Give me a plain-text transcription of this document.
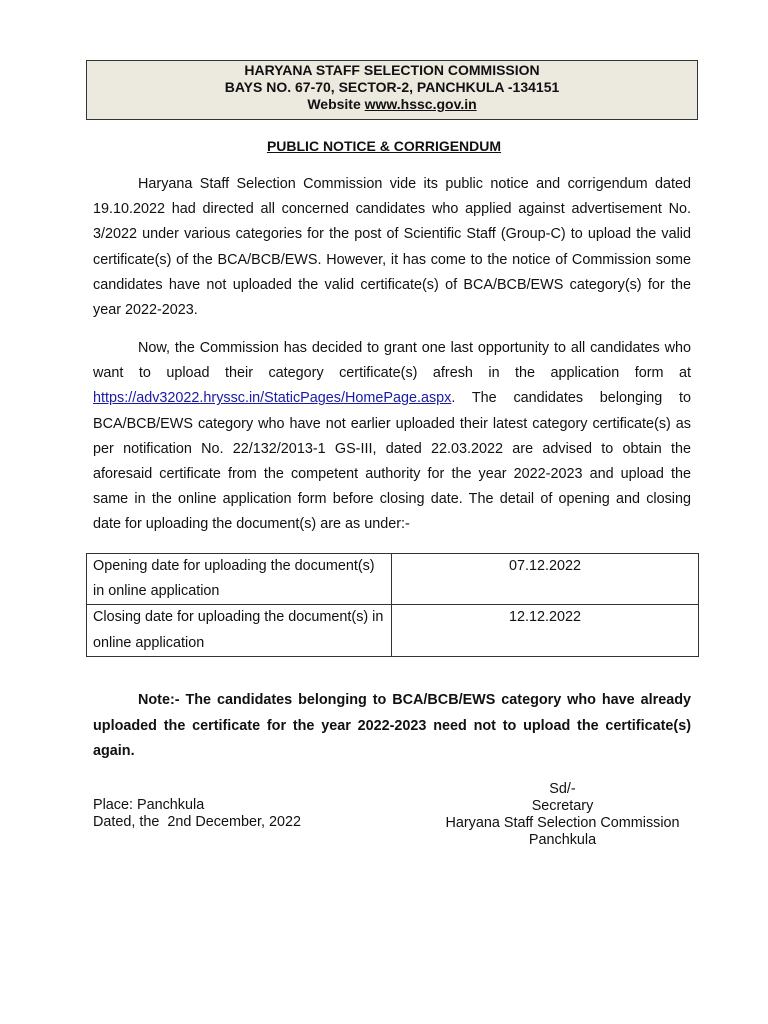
HARYANA STAFF SELECTION COMMISSION
BAYS NO. 67-70, SECTOR-2, PANCHKULA -134151
Website www.hssc.gov.in
PUBLIC NOTICE & CORRIGENDUM

Haryana Staff Selection Commission vide its public notice and corrigendum dated 19.10.2022 had directed all concerned candidates who applied against advertisement No. 3/2022 under various categories for the post of Scientific Staff (Group-C) to upload the valid certificate(s) of the BCA/BCB/EWS. However, it has come to the notice of Commission some candidates have not uploaded the valid certificate(s) of BCA/BCB/EWS category(s) for the year 2022-2023.

Now, the Commission has decided to grant one last opportunity to all candidates who want to upload their category certificate(s) afresh in the application form at https://adv32022.hryssc.in/StaticPages/HomePage.aspx. The candidates belonging to BCA/BCB/EWS category who have not earlier uploaded their latest category certificate(s) as per notification No. 22/132/2013-1 GS-III, dated 22.03.2022 are advised to obtain the aforesaid certificate from the competent authority for the year 2022-2023 and upload the same in the online application form before closing date. The detail of opening and closing date for uploading the document(s) are as under:-

Opening date for uploading the document(s) in online application	07.12.2022
Closing date for uploading the document(s) in online application	12.12.2022

Note:- The candidates belonging to BCA/BCB/EWS category who have already uploaded the certificate for the year 2022-2023 need not to upload the certificate(s) again.

Place: Panchkula
Dated, the  2nd December, 2022
Sd/-
Secretary
Haryana Staff Selection Commission
Panchkula
